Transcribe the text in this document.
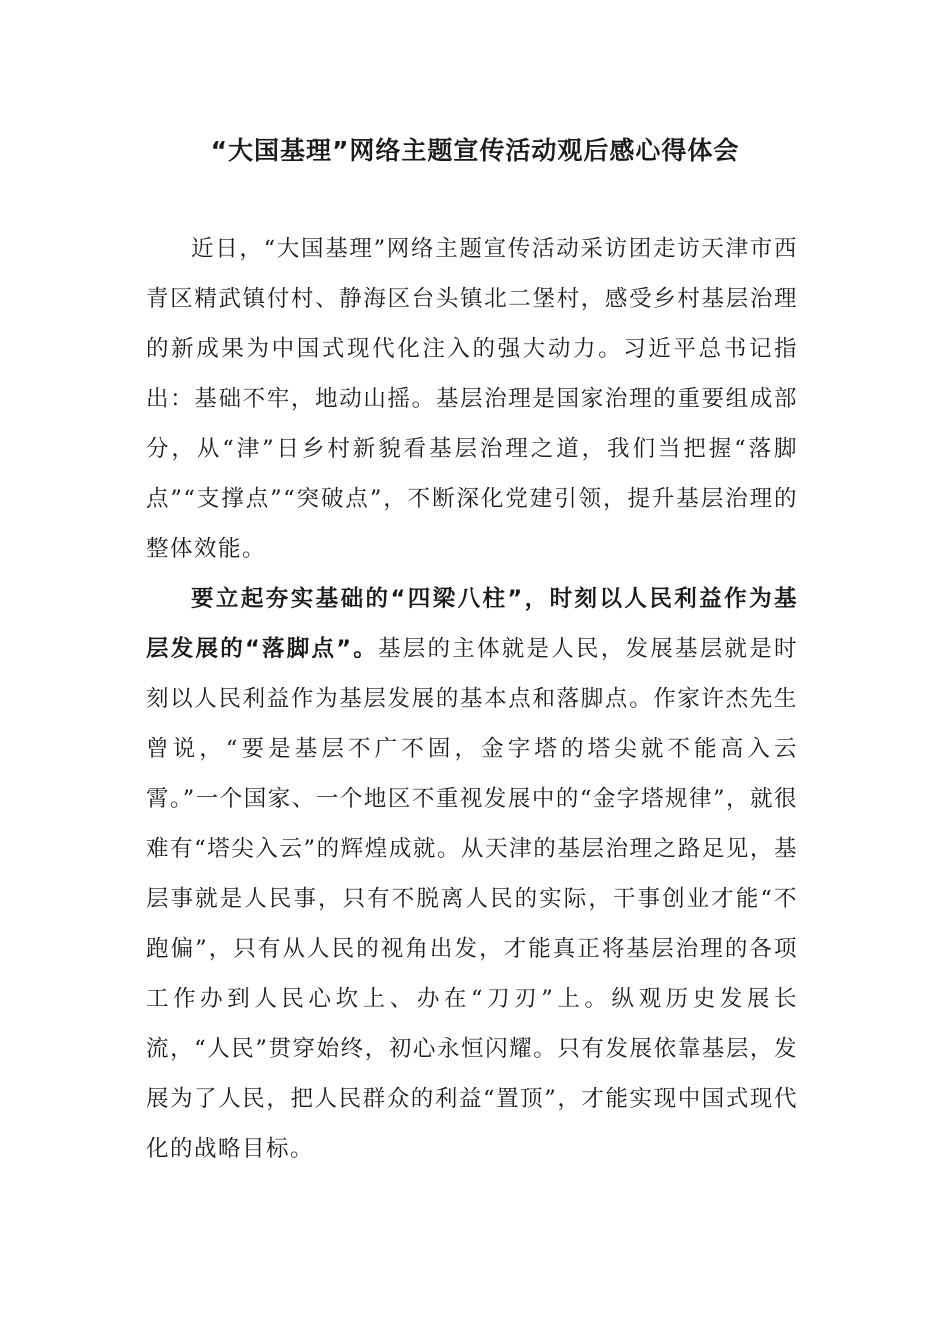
“大国基理”网络主题宣传活动观后感心得体会

近日，“大国基理”网络主题宣传活动采访团走访天津市西青区精武镇付村、静海区台头镇北二堡村，感受乡村基层治理的新成果为中国式现代化注入的强大动力。习近平总书记指出：基础不牢，地动山摇。基层治理是国家治理的重要组成部分，从“津”日乡村新貌看基层治理之道，我们当把握“落脚点”“支撑点”“突破点”，不断深化党建引领，提升基层治理的整体效能。

要立起夯实基础的“四梁八柱”，时刻以人民利益作为基层发展的“落脚点”。基层的主体就是人民，发展基层就是时刻以人民利益作为基层发展的基本点和落脚点。作家许杰先生曾说，“要是基层不广不固，金字塔的塔尖就不能高入云霄。”一个国家、一个地区不重视发展中的“金字塔规律”，就很难有“塔尖入云”的辉煌成就。从天津的基层治理之路足见，基层事就是人民事，只有不脱离人民的实际，干事创业才能“不跑偏”，只有从人民的视角出发，才能真正将基层治理的各项工作办到人民心坎上、办在“刀刃”上。纵观历史发展长流，“人民”贯穿始终，初心永恒闪耀。只有发展依靠基层，发展为了人民，把人民群众的利益“置顶”，才能实现中国式现代化的战略目标。
